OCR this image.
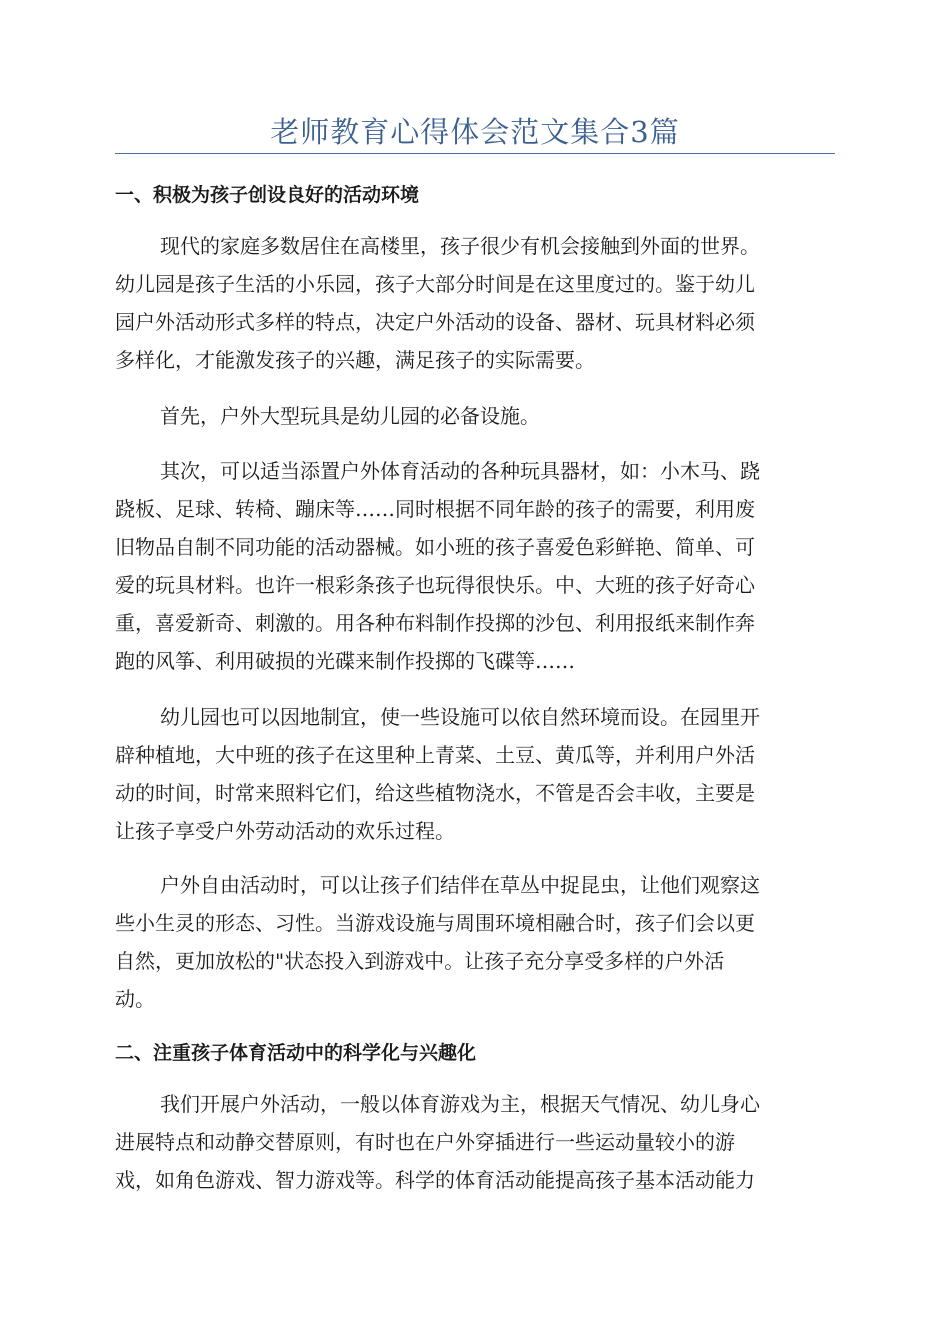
老师教育心得体会范文集合3篇
一、积极为孩子创设良好的活动环境
现代的家庭多数居住在高楼里，孩子很少有机会接触到外面的世界。
幼儿园是孩子生活的小乐园，孩子大部分时间是在这里度过的。鉴于幼儿
园户外活动形式多样的特点，决定户外活动的设备、器材、玩具材料必须
多样化，才能激发孩子的兴趣，满足孩子的实际需要。
首先，户外大型玩具是幼儿园的必备设施。
其次，可以适当添置户外体育活动的各种玩具器材，如：小木马、跷
跷板、足球、转椅、蹦床等……同时根据不同年龄的孩子的需要，利用废
旧物品自制不同功能的活动器械。如小班的孩子喜爱色彩鲜艳、简单、可
爱的玩具材料。也许一根彩条孩子也玩得很快乐。中、大班的孩子好奇心
重，喜爱新奇、刺激的。用各种布料制作投掷的沙包、利用报纸来制作奔
跑的风筝、利用破损的光碟来制作投掷的飞碟等……
幼儿园也可以因地制宜，使一些设施可以依自然环境而设。在园里开
辟种植地，大中班的孩子在这里种上青菜、土豆、黄瓜等，并利用户外活
动的时间，时常来照料它们，给这些植物浇水，不管是否会丰收，主要是
让孩子享受户外劳动活动的欢乐过程。
户外自由活动时，可以让孩子们结伴在草丛中捉昆虫，让他们观察这
些小生灵的形态、习性。当游戏设施与周围环境相融合时，孩子们会以更
自然，更加放松的"状态投入到游戏中。让孩子充分享受多样的户外活
动。
二、注重孩子体育活动中的科学化与兴趣化
我们开展户外活动，一般以体育游戏为主，根据天气情况、幼儿身心
进展特点和动静交替原则，有时也在户外穿插进行一些运动量较小的游
戏，如角色游戏、智力游戏等。科学的体育活动能提高孩子基本活动能力
